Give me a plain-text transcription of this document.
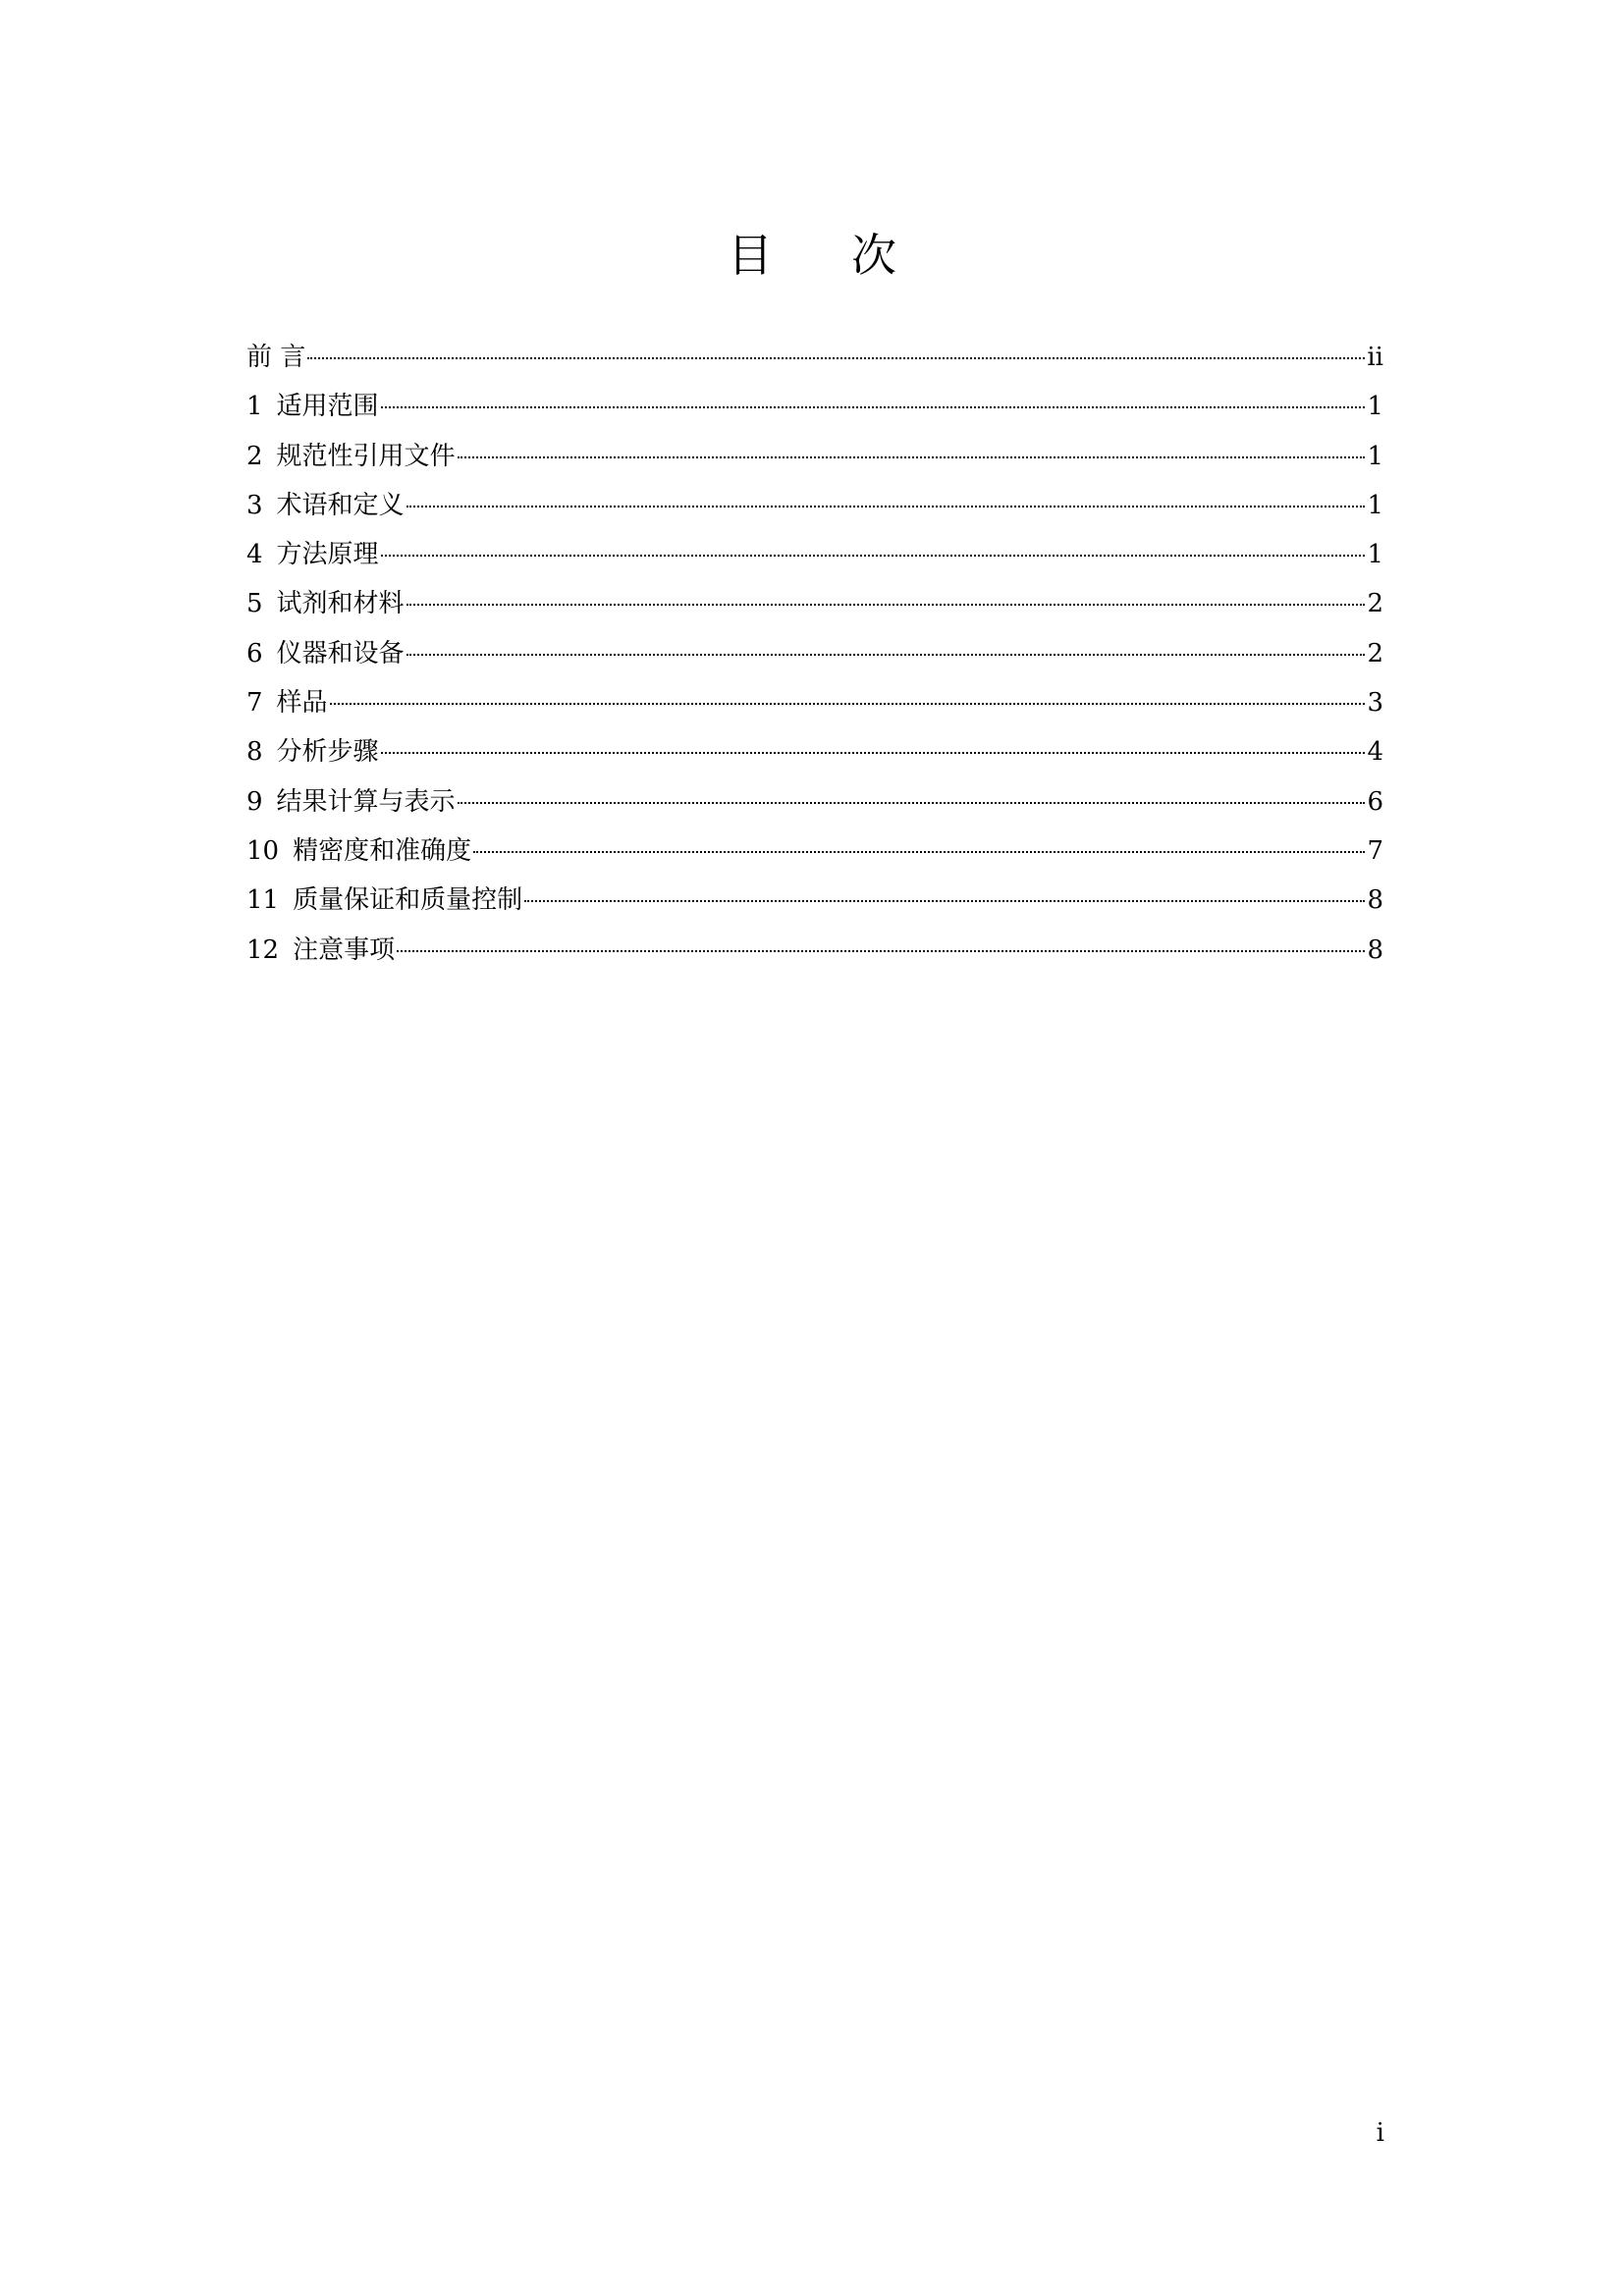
目 次
前 言	ii
1 适用范围	1
2 规范性引用文件	1
3 术语和定义	1
4 方法原理	1
5 试剂和材料	2
6 仪器和设备	2
7 样品	3
8 分析步骤	4
9 结果计算与表示	6
10 精密度和准确度	7
11 质量保证和质量控制	8
12 注意事项	8
i
